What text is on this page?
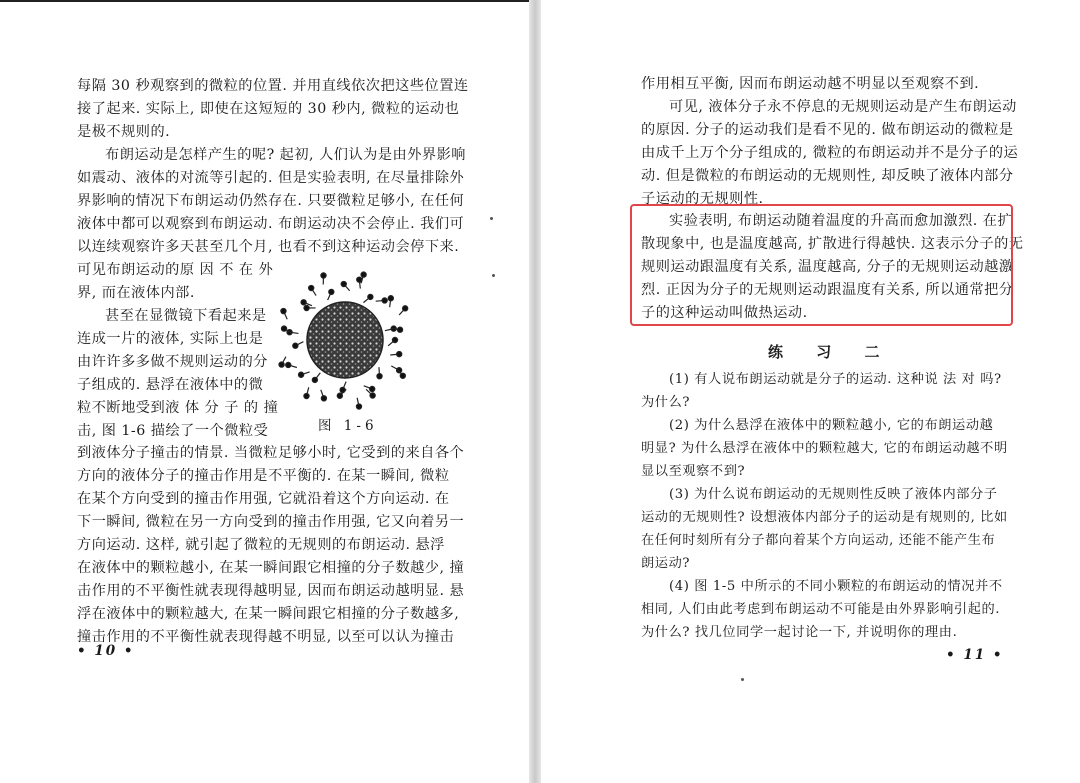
每隔 30 秒观察到的微粒的位置. 并用直线依次把这些位置连
接了起来. 实际上, 即使在这短短的 30 秒内, 微粒的运动也
是极不规则的.
布朗运动是怎样产生的呢? 起初, 人们认为是由外界影响
如震动、液体的对流等引起的. 但是实验表明, 在尽量排除外
界影响的情况下布朗运动仍然存在. 只要微粒足够小, 在任何
液体中都可以观察到布朗运动. 布朗运动决不会停止. 我们可
以连续观察许多天甚至几个月, 也看不到这种运动会停下来.
可见布朗运动的原 因 不 在 外
界, 而在液体内部.
甚至在显微镜下看起来是
连成一片的液体, 实际上也是
由许许多多做不规则运动的分
子组成的. 悬浮在液体中的微
粒不断地受到液 体 分 子 的 撞
击, 图 1-6 描绘了一个微粒受	图 1-6
到液体分子撞击的情景. 当微粒足够小时, 它受到的来自各个
方向的液体分子的撞击作用是不平衡的. 在某一瞬间, 微粒
在某个方向受到的撞击作用强, 它就沿着这个方向运动. 在
下一瞬间, 微粒在另一方向受到的撞击作用强, 它又向着另一
方向运动. 这样, 就引起了微粒的无规则的布朗运动. 悬浮
在液体中的颗粒越小, 在某一瞬间跟它相撞的分子数越少, 撞
击作用的不平衡性就表现得越明显, 因而布朗运动越明显. 悬
浮在液体中的颗粒越大, 在某一瞬间跟它相撞的分子数越多,
撞击作用的不平衡性就表现得越不明显, 以至可以认为撞击
• 10 •
作用相互平衡, 因而布朗运动越不明显以至观察不到.
可见, 液体分子永不停息的无规则运动是产生布朗运动
的原因. 分子的运动我们是看不见的. 做布朗运动的微粒是
由成千上万个分子组成的, 微粒的布朗运动并不是分子的运
动. 但是微粒的布朗运动的无规则性, 却反映了液体内部分
子运动的无规则性.
实验表明, 布朗运动随着温度的升高而愈加激烈. 在扩
散现象中, 也是温度越高, 扩散进行得越快. 这表示分子的无
规则运动跟温度有关系, 温度越高, 分子的无规则运动越激
烈. 正因为分子的无规则运动跟温度有关系, 所以通常把分
子的这种运动叫做热运动.
(1) 有人说布朗运动就是分子的运动. 这种说 法 对 吗?
为什么?
(2) 为什么悬浮在液体中的颗粒越小, 它的布朗运动越
明显? 为什么悬浮在液体中的颗粒越大, 它的布朗运动越不明
显以至观察不到?
(3) 为什么说布朗运动的无规则性反映了液体内部分子
运动的无规则性? 设想液体内部分子的运动是有规则的, 比如
在任何时刻所有分子都向着某个方向运动, 还能不能产生布
朗运动?
(4) 图 1-5 中所示的不同小颗粒的布朗运动的情况并不
相同, 人们由此考虑到布朗运动不可能是由外界影响引起的.
为什么? 找几位同学一起讨论一下, 并说明你的理由.
• 11 •
练 习 二
